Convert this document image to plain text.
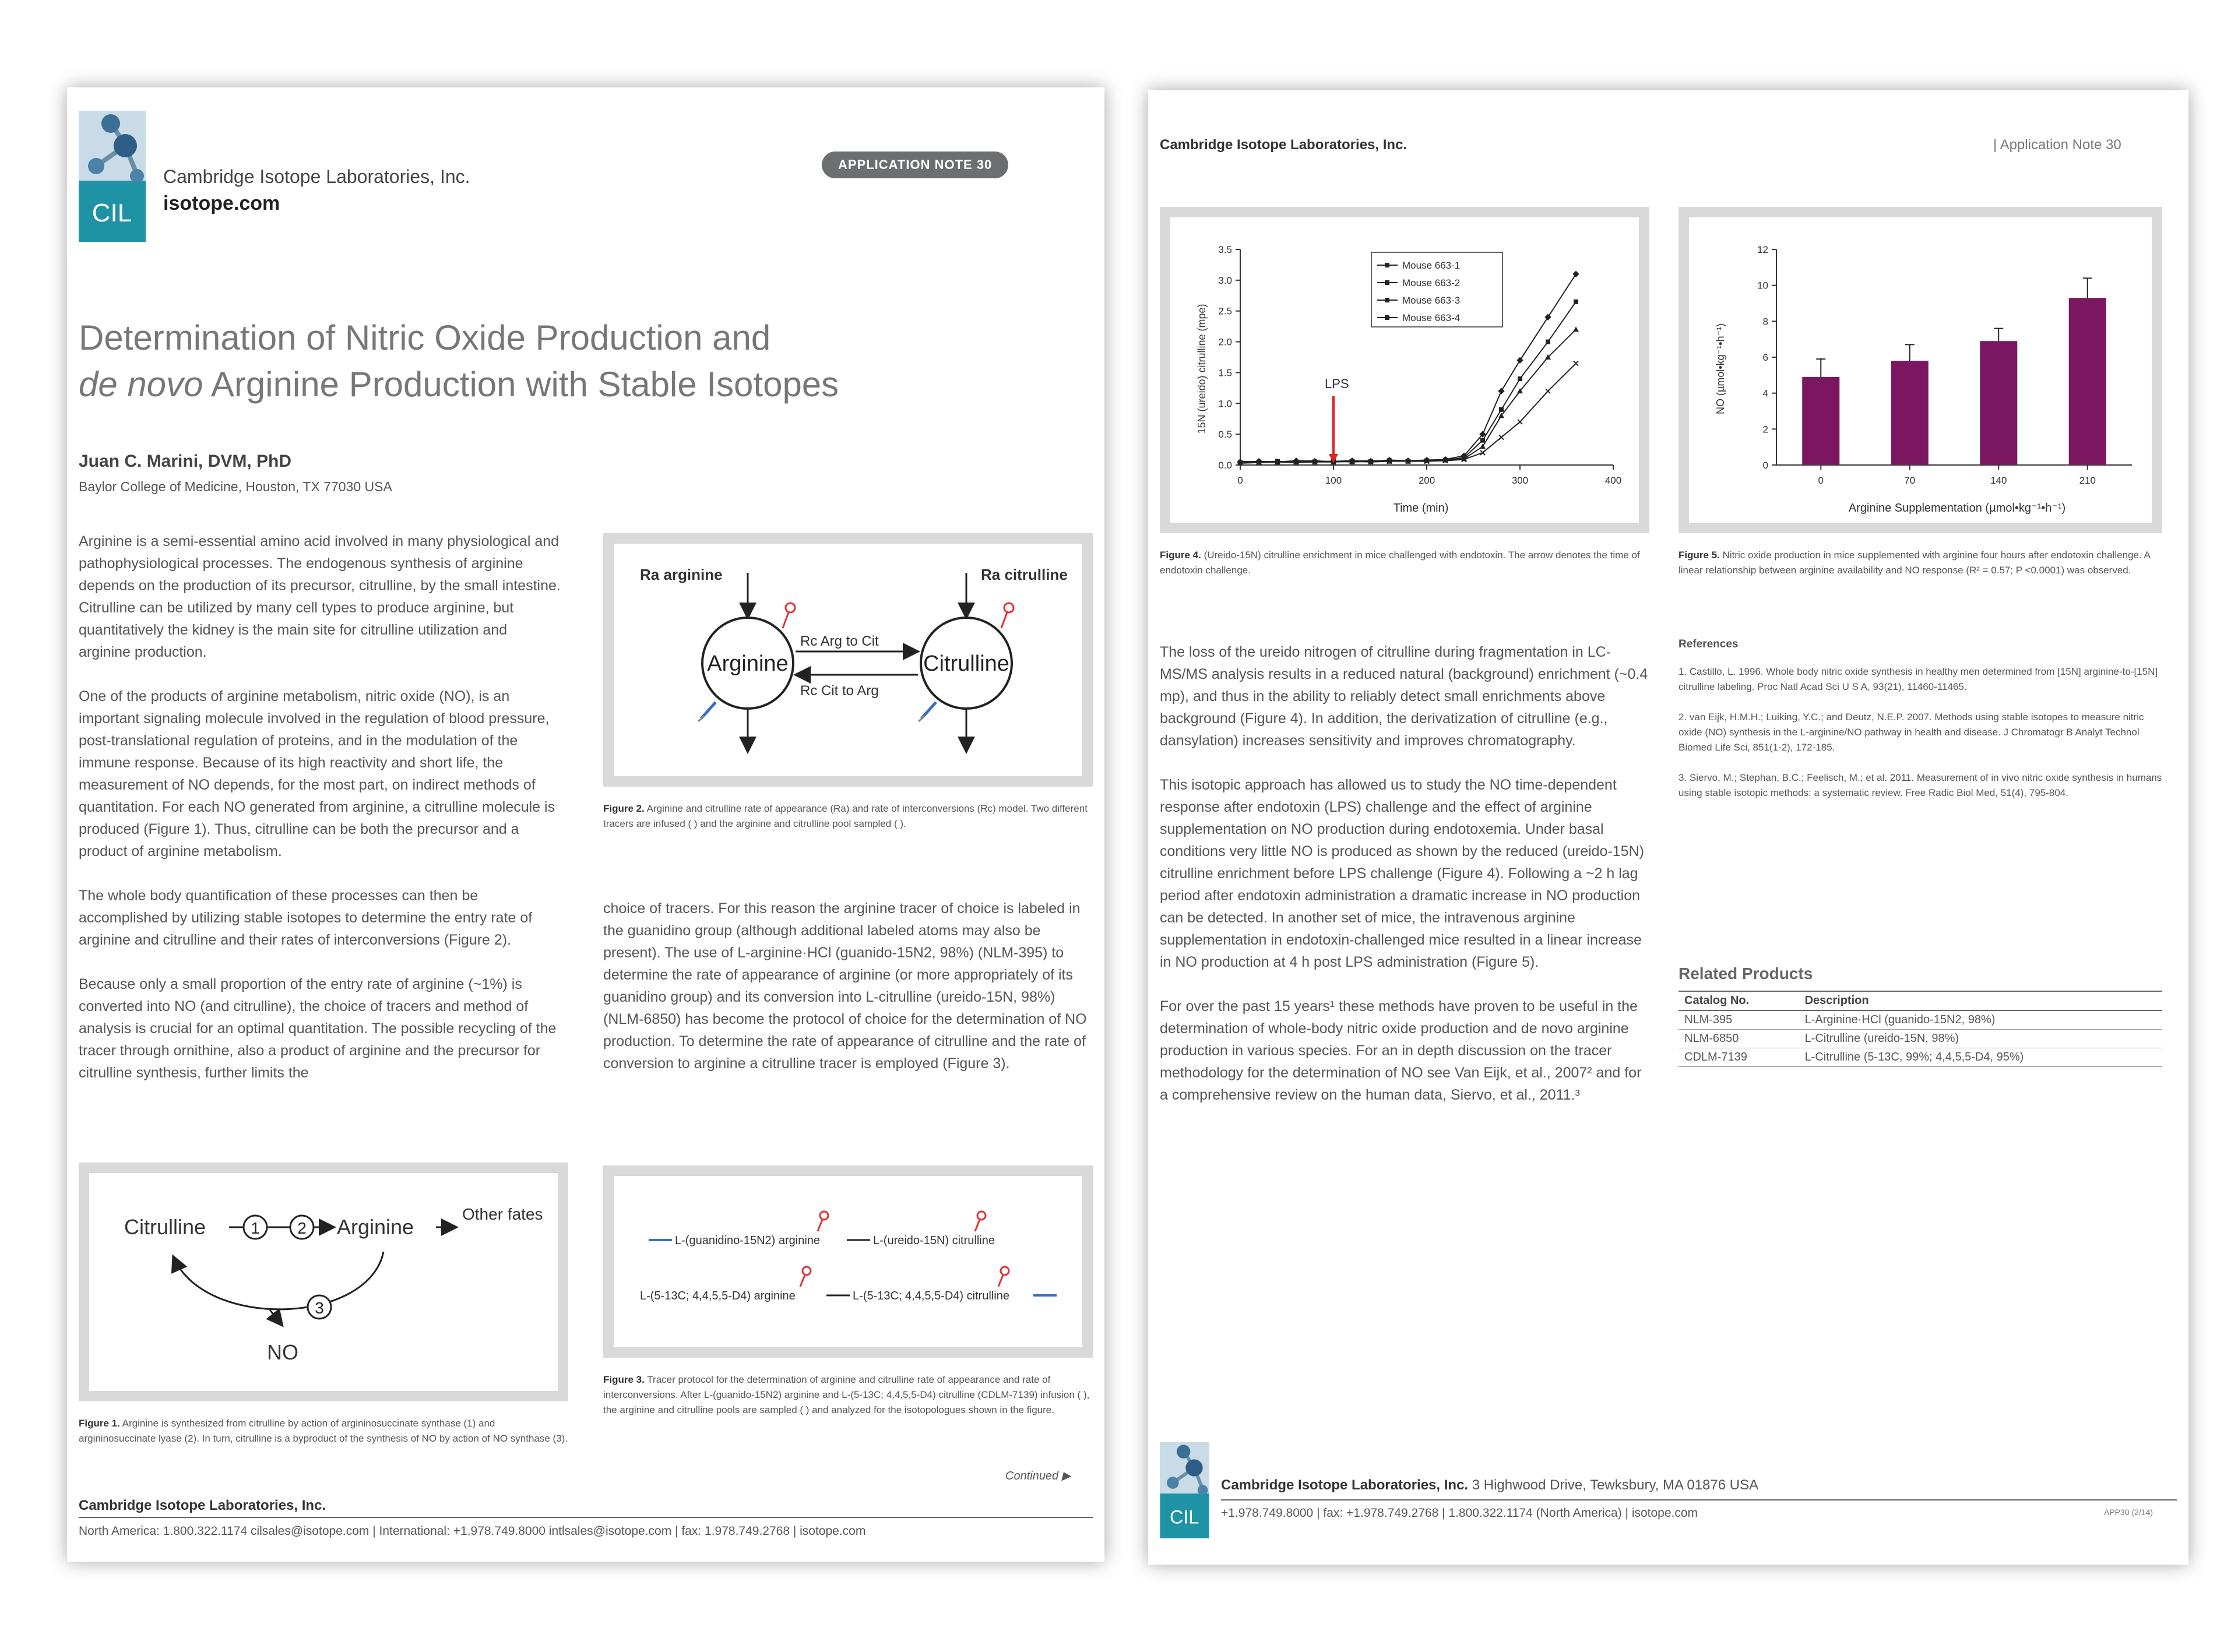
CIL
Cambridge Isotope Laboratories, Inc.
isotope.com
APPLICATION NOTE 30
Determination of Nitric Oxide Production and
de novo Arginine Production with Stable Isotopes
Juan C. Marini, DVM, PhD
Baylor College of Medicine, Houston, TX 77030 USA

Arginine is a semi-essential amino acid involved in many physiological and pathophysiological processes. The endogenous synthesis of arginine depends on the production of its precursor, citrulline, by the small intestine. Citrulline can be utilized by many cell types to produce arginine, but quantitatively the kidney is the main site for citrulline utilization and arginine production.

One of the products of arginine metabolism, nitric oxide (NO), is an important signaling molecule involved in the regulation of blood pressure, post-translational regulation of proteins, and in the modulation of the immune response. Because of its high reactivity and short life, the measurement of NO depends, for the most part, on indirect methods of quantitation. For each NO generated from arginine, a citrulline molecule is produced (Figure 1). Thus, citrulline can be both the precursor and a product of arginine metabolism.

The whole body quantification of these processes can then be accomplished by utilizing stable isotopes to determine the entry rate of arginine and citrulline and their rates of interconversions (Figure 2).

Because only a small proportion of the entry rate of arginine (~1%) is converted into NO (and citrulline), the choice of tracers and method of analysis is crucial for an optimal quantitation. The possible recycling of the tracer through ornithine, also a product of arginine and the precursor for citrulline synthesis, further limits the

Ra arginine	Ra citrulline
Arginine	Citrulline
Rc Arg to Cit
Rc Cit to Arg
Figure 2. Arginine and citrulline rate of appearance (Ra) and rate of interconversions (Rc) model. Two different tracers are infused ( ) and the arginine and citrulline pool sampled ( ).

choice of tracers. For this reason the arginine tracer of choice is labeled in the guanidino group (although additional labeled atoms may also be present). The use of L-arginine·HCl (guanido-15N2, 98%) (NLM-395) to determine the rate of appearance of arginine (or more appropriately of its guanidino group) and its conversion into L-citrulline (ureido-15N, 98%) (NLM-6850) has become the protocol of choice for the determination of NO production. To determine the rate of appearance of citrulline and the rate of conversion to arginine a citrulline tracer is employed (Figure 3).

Citrulline	1 2 Arginine
Other fates
3
NO
Figure 1. Arginine is synthesized from citrulline by action of argininosuccinate synthase (1) and argininosuccinate lyase (2). In turn, citrulline is a byproduct of the synthesis of NO by action of NO synthase (3).
L-(guanidino-15N2) arginine	L-(ureido-15N) citrulline
L-(5-13C; 4,4,5,5-D4) arginine	L-(5-13C; 4,4,5,5-D4) citrulline
Figure 3. Tracer protocol for the determination of arginine and citrulline rate of appearance and rate of interconversions. After L-(guanido-15N2) arginine and L-(5-13C; 4,4,5,5-D4) citrulline (CDLM-7139) infusion ( ), the arginine and citrulline pools are sampled ( ) and analyzed for the isotopologues shown in the figure.
Continued ▶
Cambridge Isotope Laboratories, Inc.
North America: 1.800.322.1174 cilsales@isotope.com | International: +1.978.749.8000 intlsales@isotope.com | fax: 1.978.749.2768 | isotope.com
Cambridge Isotope Laboratories, Inc.	| Application Note 30
15N (ureido) citrulline (mpe)
Time (min)
0.0
0.5
1.0
1.5
2.0
2.5
3.0
3.5
0	100	200	300	400
Mouse 663-1
Mouse 663-2
Mouse 663-3
Mouse 663-4
LPS
Figure 4. (Ureido-15N) citrulline enrichment in mice challenged with endotoxin. The arrow denotes the time of endotoxin challenge.
NO (µmol•kg⁻¹•h⁻¹)
Arginine Supplementation (µmol•kg⁻¹•h⁻¹)
0
2
4
6
8
10
12
0	70	140	210
Figure 5. Nitric oxide production in mice supplemented with arginine four hours after endotoxin challenge. A linear relationship between arginine availability and NO response (R² = 0.57; P <0.0001) was observed.

The loss of the ureido nitrogen of citrulline during fragmentation in LC-MS/MS analysis results in a reduced natural (background) enrichment (~0.4 mp), and thus in the ability to reliably detect small enrichments above background (Figure 4). In addition, the derivatization of citrulline (e.g., dansylation) increases sensitivity and improves chromatography.

This isotopic approach has allowed us to study the NO time-dependent response after endotoxin (LPS) challenge and the effect of arginine supplementation on NO production during endotoxemia. Under basal conditions very little NO is produced as shown by the reduced (ureido-15N) citrulline enrichment before LPS challenge (Figure 4). Following a ~2 h lag period after endotoxin administration a dramatic increase in NO production can be detected. In another set of mice, the intravenous arginine supplementation in endotoxin-challenged mice resulted in a linear increase in NO production at 4 h post LPS administration (Figure 5).

For over the past 15 years¹ these methods have proven to be useful in the determination of whole-body nitric oxide production and de novo arginine production in various species. For an in depth discussion on the tracer methodology for the determination of NO see Van Eijk, et al., 2007² and for a comprehensive review on the human data, Siervo, et al., 2011.³

References
1. Castillo, L. 1996. Whole body nitric oxide synthesis in healthy men determined from [15N] arginine-to-[15N] citrulline labeling. Proc Natl Acad Sci U S A, 93(21), 11460-11465.
2. van Eijk, H.M.H.; Luiking, Y.C.; and Deutz, N.E.P. 2007. Methods using stable isotopes to measure nitric oxide (NO) synthesis in the L-arginine/NO pathway in health and disease. J Chromatogr B Analyt Technol Biomed Life Sci, 851(1-2), 172-185.
3. Siervo, M.; Stephan, B.C.; Feelisch, M.; et al. 2011. Measurement of in vivo nitric oxide synthesis in humans using stable isotopic methods: a systematic review. Free Radic Biol Med, 51(4), 795-804.
Related Products
Catalog No.	Description
NLM-395	L-Arginine·HCl (guanido-15N2, 98%)
NLM-6850	L-Citrulline (ureido-15N, 98%)
CDLM-7139	L-Citrulline (5-13C, 99%; 4,4,5,5-D4, 95%)
CIL
Cambridge Isotope Laboratories, Inc. 3 Highwood Drive, Tewksbury, MA 01876 USA
+1.978.749.8000 | fax: +1.978.749.2768 | 1.800.322.1174 (North America) | isotope.com	APP30 (2/14)
